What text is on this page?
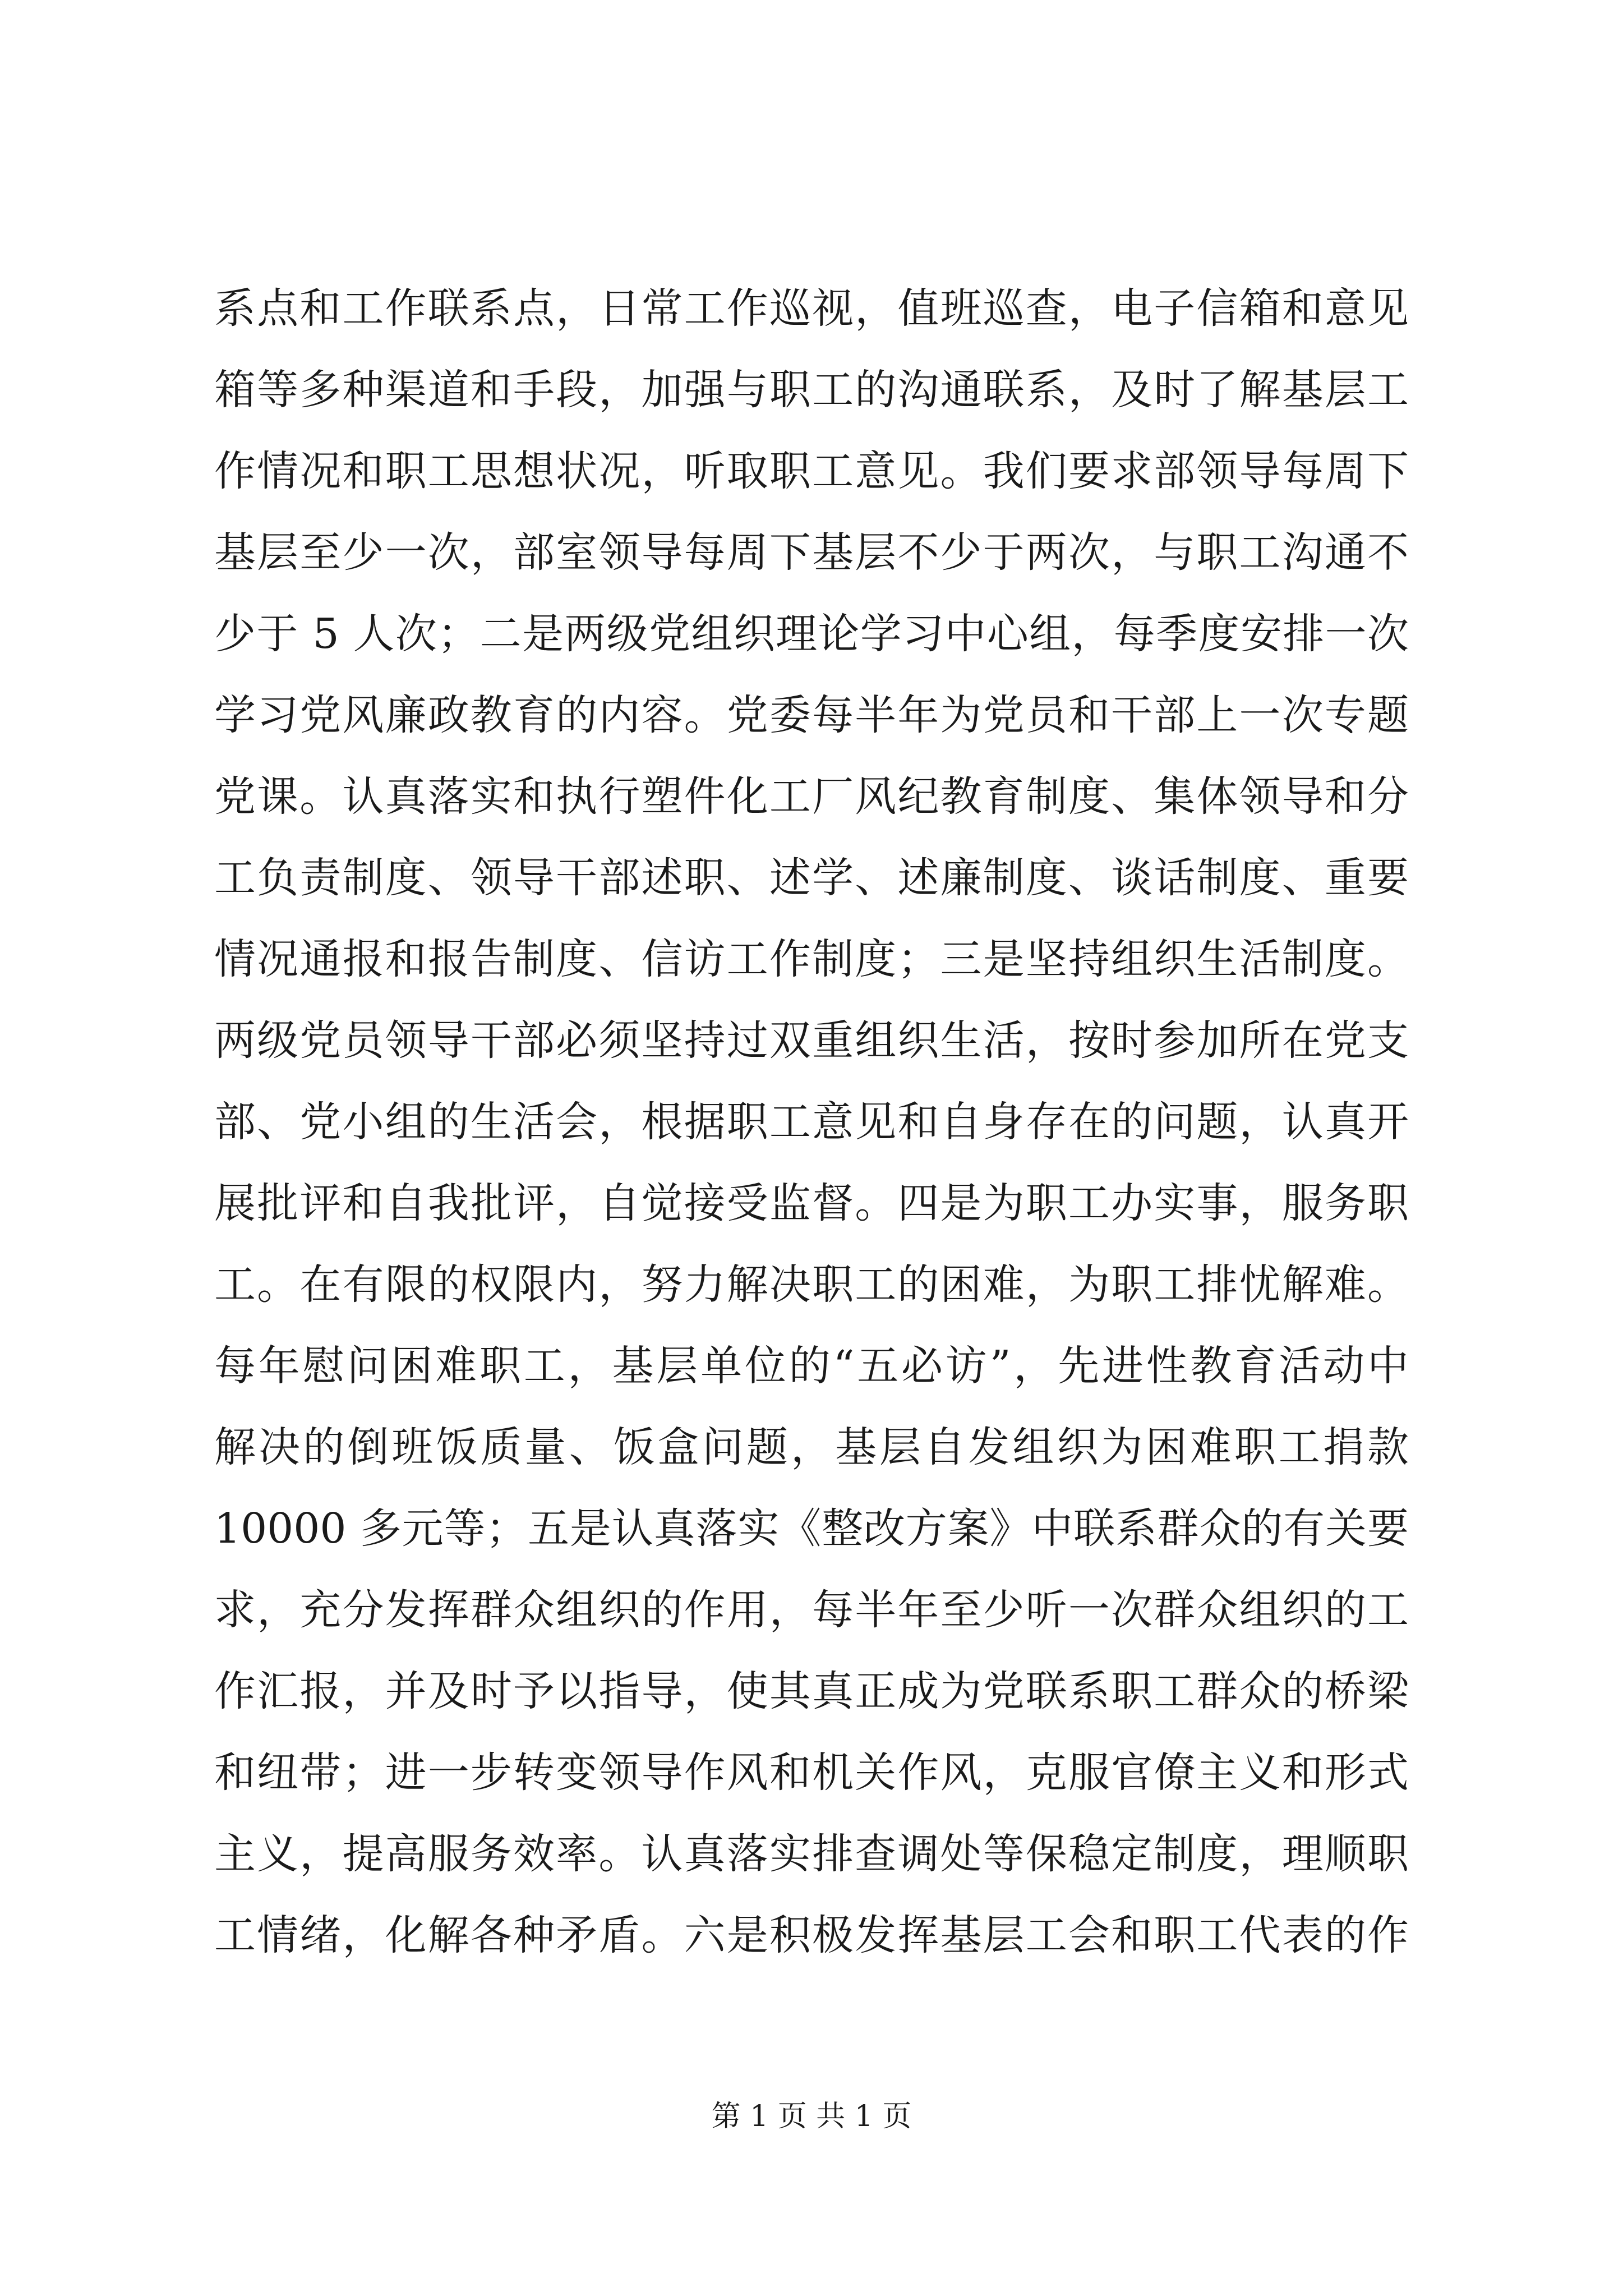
系点和工作联系点，日常工作巡视，值班巡查，电子信箱和意见
箱等多种渠道和手段，加强与职工的沟通联系，及时了解基层工
作情况和职工思想状况，听取职工意见。我们要求部领导每周下
基层至少一次，部室领导每周下基层不少于两次，与职工沟通不
少于 5 人次；二是两级党组织理论学习中心组，每季度安排一次
学习党风廉政教育的内容。党委每半年为党员和干部上一次专题
党课。认真落实和执行塑件化工厂风纪教育制度、集体领导和分
工负责制度、领导干部述职、述学、述廉制度、谈话制度、重要
情况通报和报告制度、信访工作制度；三是坚持组织生活制度。
两级党员领导干部必须坚持过双重组织生活，按时参加所在党支
部、党小组的生活会，根据职工意见和自身存在的问题，认真开
展批评和自我批评，自觉接受监督。四是为职工办实事，服务职
工。在有限的权限内，努力解决职工的困难，为职工排忧解难。
每年慰问困难职工，基层单位的“五必访”，先进性教育活动中
解决的倒班饭质量、饭盒问题，基层自发组织为困难职工捐款
10000 多元等；五是认真落实《整改方案》中联系群众的有关要
求，充分发挥群众组织的作用，每半年至少听一次群众组织的工
作汇报，并及时予以指导，使其真正成为党联系职工群众的桥梁
和纽带；进一步转变领导作风和机关作风，克服官僚主义和形式
主义，提高服务效率。认真落实排查调处等保稳定制度，理顺职
工情绪，化解各种矛盾。六是积极发挥基层工会和职工代表的作
第 1 页 共 1 页
